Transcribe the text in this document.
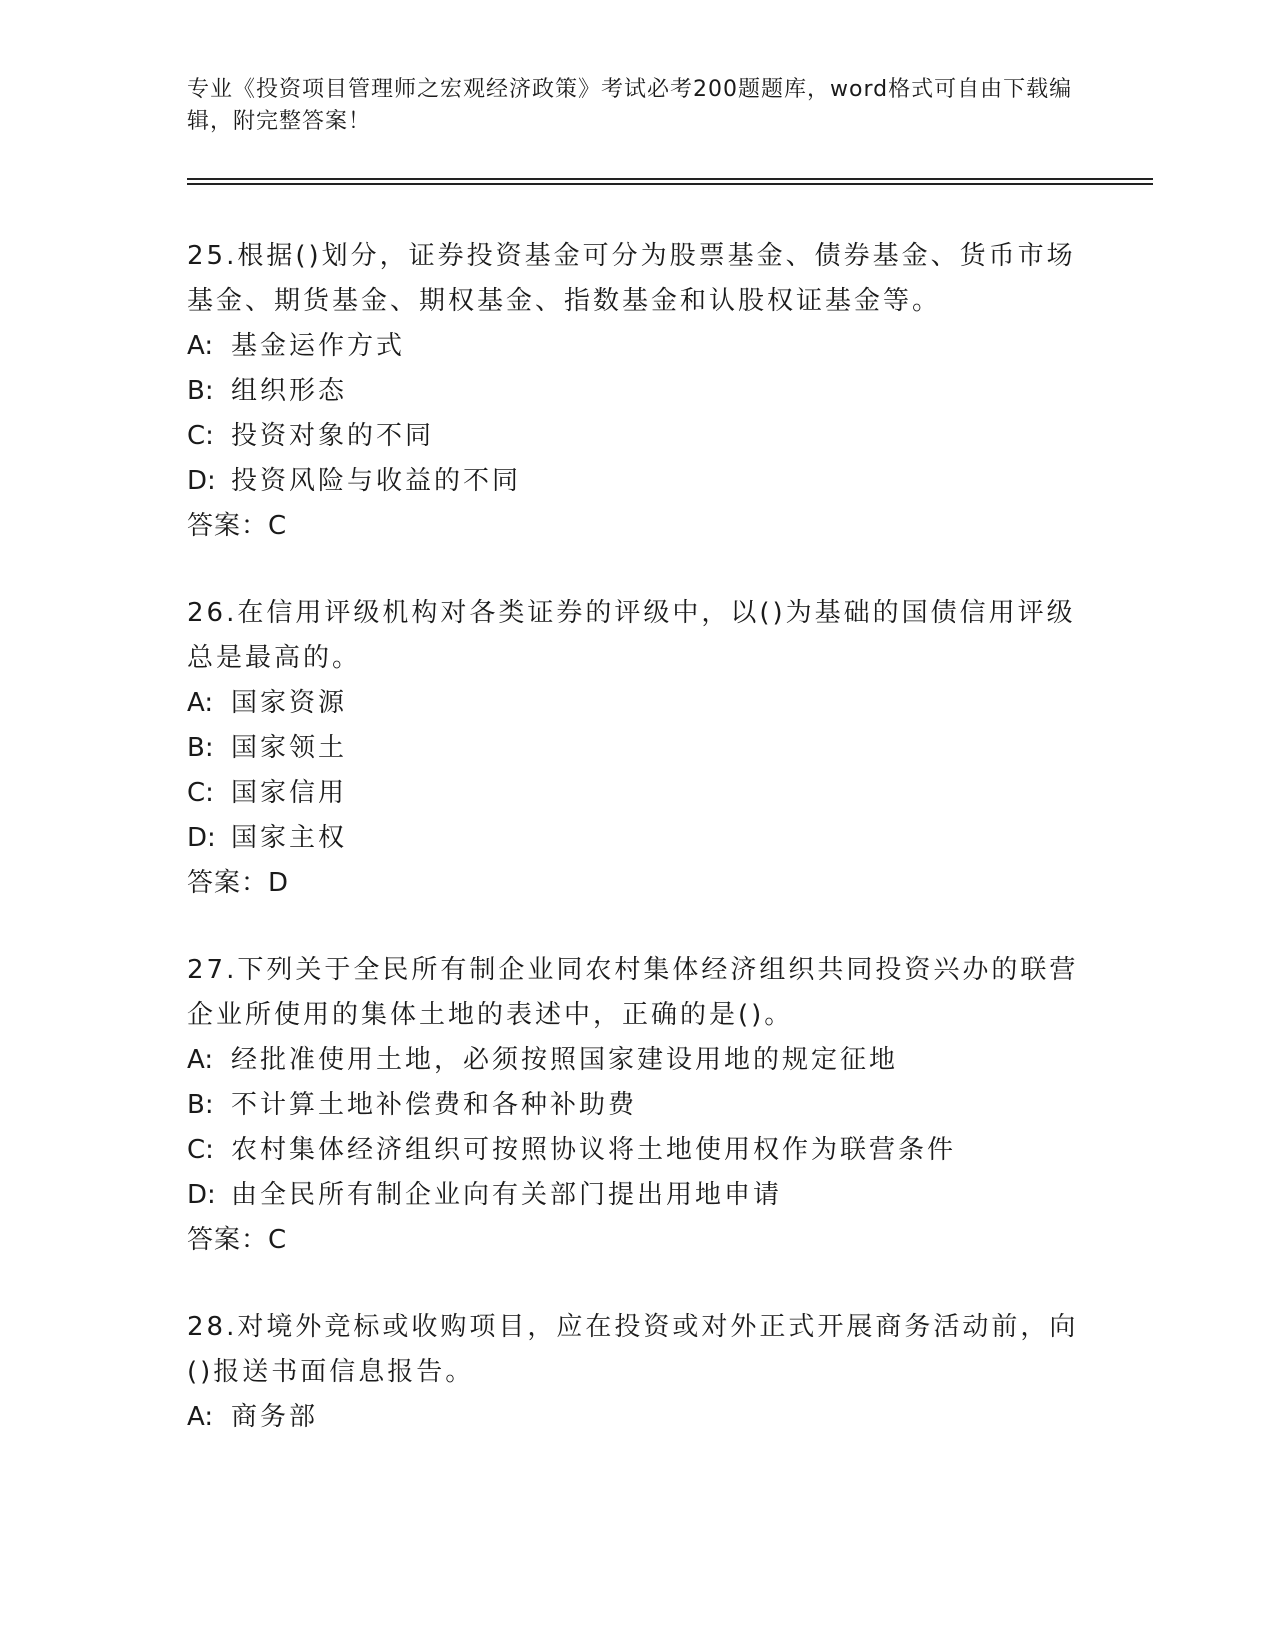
专业《投资项目管理师之宏观经济政策》考试必考200题题库，word格式可自由下载编辑，附完整答案！

25.根据()划分，证券投资基金可分为股票基金、债券基金、货币市场基金、期货基金、期权基金、指数基金和认股权证基金等。

A: 基金运作方式

B: 组织形态

C: 投资对象的不同

D: 投资风险与收益的不同

答案：C

26.在信用评级机构对各类证券的评级中，以()为基础的国债信用评级总是最高的。

A: 国家资源

B: 国家领土

C: 国家信用

D: 国家主权

答案：D

27.下列关于全民所有制企业同农村集体经济组织共同投资兴办的联营企业所使用的集体土地的表述中，正确的是()。

A: 经批准使用土地，必须按照国家建设用地的规定征地

B: 不计算土地补偿费和各种补助费

C: 农村集体经济组织可按照协议将土地使用权作为联营条件

D: 由全民所有制企业向有关部门提出用地申请

答案：C

28.对境外竞标或收购项目，应在投资或对外正式开展商务活动前，向()报送书面信息报告。

A: 商务部
